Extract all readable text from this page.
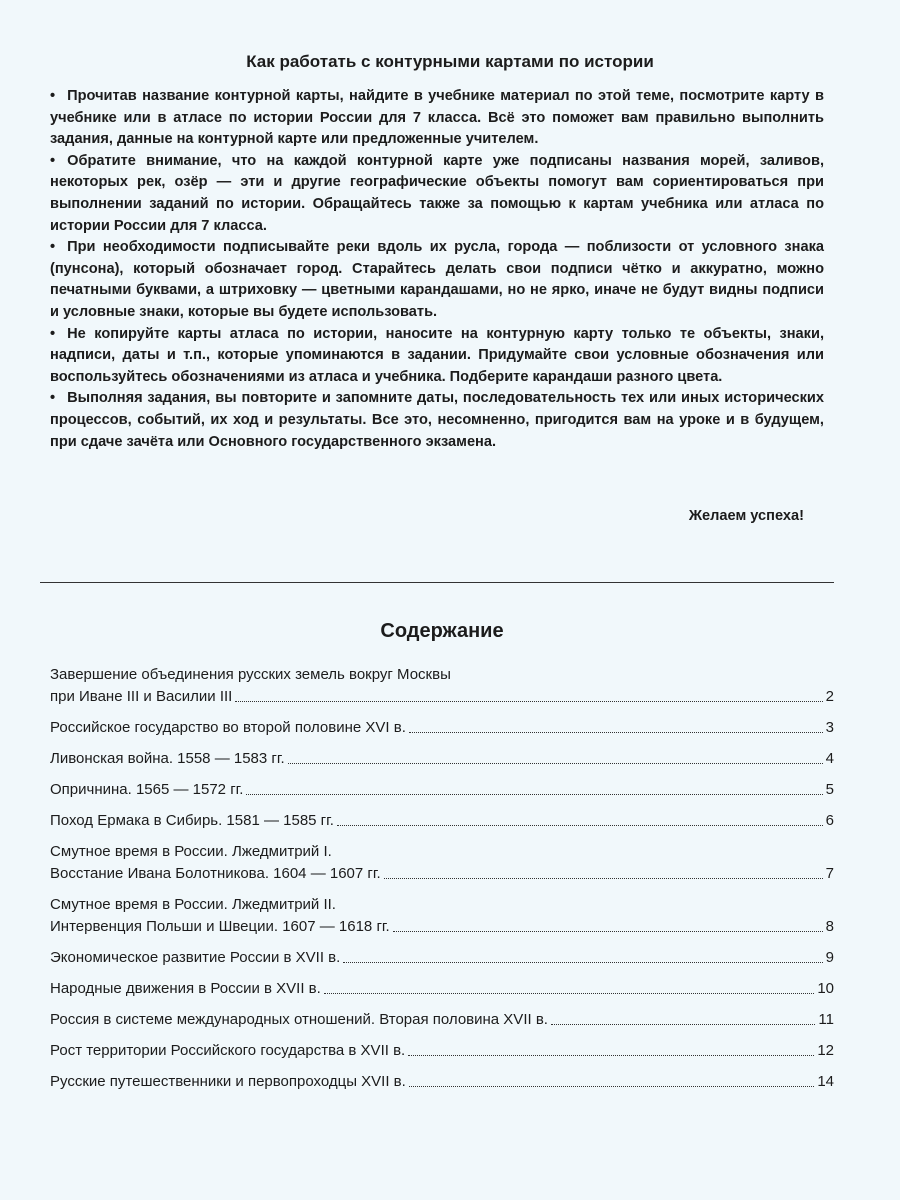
Как работать с контурными картами по истории

• Прочитав название контурной карты, найдите в учебнике материал по этой теме, посмотрите карту в учебнике или в атласе по истории России для 7 класса. Всё это поможет вам правильно выполнить задания, данные на контурной карте или предложенные учителем.

• Обратите внимание, что на каждой контурной карте уже подписаны названия морей, заливов, некоторых рек, озёр — эти и другие географические объекты помогут вам сориентироваться при выполнении заданий по истории. Обращайтесь также за помощью к картам учебника или атласа по истории России для 7 класса.

• При необходимости подписывайте реки вдоль их русла, города — поблизости от условного знака (пунсона), который обозначает город. Старайтесь делать свои подписи чётко и аккуратно, можно печатными буквами, а штриховку — цветными карандашами, но не ярко, иначе не будут видны подписи и условные знаки, которые вы будете использовать.

• Не копируйте карты атласа по истории, наносите на контурную карту только те объекты, знаки, надписи, даты и т.п., которые упоминаются в задании. Придумайте свои условные обозначения или воспользуйтесь обозначениями из атласа и учебника. Подберите карандаши разного цвета.

• Выполняя задания, вы повторите и запомните даты, последовательность тех или иных исторических процессов, событий, их ход и результаты. Все это, несомненно, пригодится вам на уроке и в будущем, при сдаче зачёта или Основного государственного экзамена.

Желаем успеха!
Содержание
Завершение объединения русских земель вокруг Москвы
при Иване III и Василии III	2
Российское государство во второй половине XVI в.	3
Ливонская война. 1558 — 1583 гг.	4
Опричнина. 1565 — 1572 гг.	5
Поход Ермака в Сибирь. 1581 — 1585 гг.	6
Смутное время в России. Лжедмитрий I.
Восстание Ивана Болотникова. 1604 — 1607 гг.	7
Смутное время в России. Лжедмитрий II.
Интервенция Польши и Швеции. 1607 — 1618 гг.	8
Экономическое развитие России в XVII в.	9
Народные движения в России в XVII в.	10
Россия в системе международных отношений. Вторая половина XVII в.	11
Рост территории Российского государства в XVII в.	12
Русские путешественники и первопроходцы XVII в.	14
